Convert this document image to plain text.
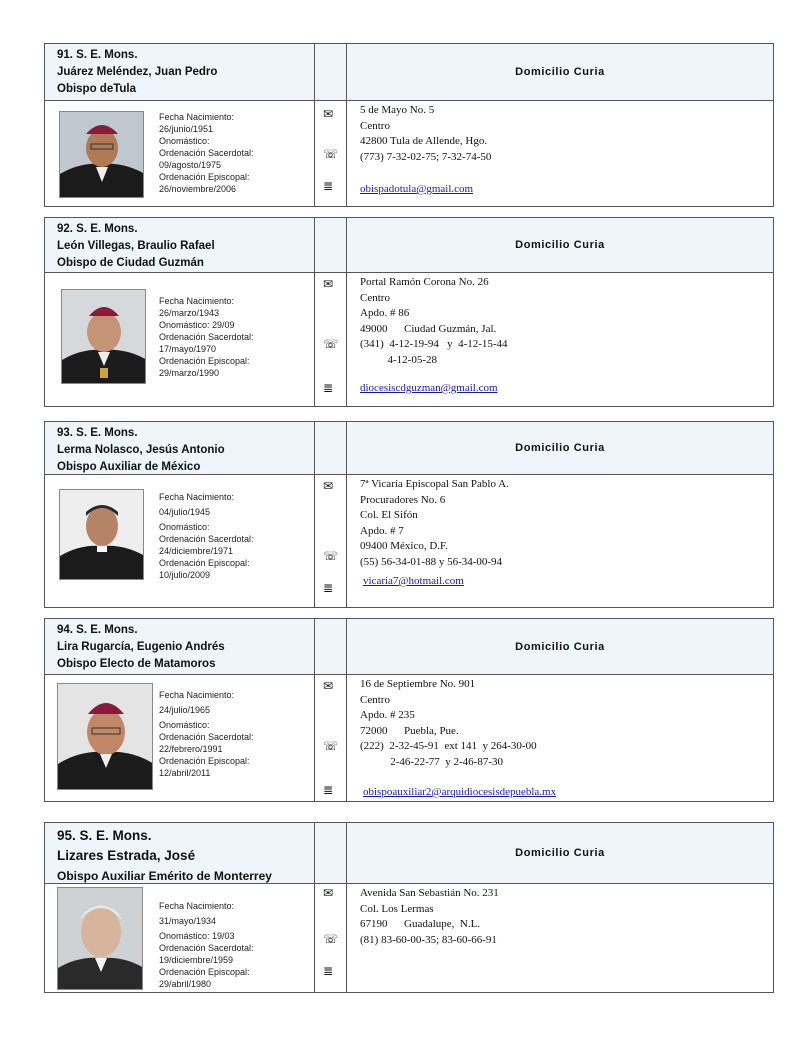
91. S. E. Mons.
Juárez Meléndez, Juan Pedro
Obispo deTula
Domicilio Curia
Fecha Nacimiento:
26/junio/1951
Onomástico:
Ordenación Sacerdotal:
09/agosto/1975
Ordenación Episcopal:
26/noviembre/2006
✉
☏
≣
5 de Mayo No. 5
Centro
42800 Tula de Allende, Hgo.
(773) 7-32-02-75; 7-32-74-50
obispadotula@gmail.com
92. S. E. Mons.
León Villegas, Braulio Rafael
Obispo de Ciudad Guzmán
Domicilio Curia
Fecha Nacimiento:
26/marzo/1943
Onomástico: 29/09
Ordenación Sacerdotal:
17/mayo/1970
Ordenación Episcopal:
29/marzo/1990
✉
☏
≣
Portal Ramón Corona No. 26
Centro
Apdo. # 86
49000      Ciudad Guzmán, Jal.
(341)  4-12-19-94   y  4-12-15-44
4-12-05-28
diocesiscdguzman@gmail.com
93. S. E. Mons.
Lerma Nolasco, Jesús Antonio
Obispo Auxiliar de México
Domicilio Curia
Fecha Nacimiento:
04/julio/1945
Onomástico:
Ordenación Sacerdotal:
24/diciembre/1971
Ordenación Episcopal:
10/julio/2009
✉
☏
≣
7ª Vicaría Episcopal San Pablo A.
Procuradores No. 6
Col. El Sifón
Apdo. # 7
09400 México, D.F.
(55) 56-34-01-88 y 56-34-00-94
vicaria7@hotmail.com
94. S. E. Mons.
Lira Rugarcía, Eugenio Andrés
Obispo Electo de Matamoros
Domicilio Curia
Fecha Nacimiento:
24/julio/1965
Onomástico:
Ordenación Sacerdotal:
22/febrero/1991
Ordenación Episcopal:
12/abril/2011
✉
☏
≣
16 de Septiembre No. 901
Centro
Apdo. # 235
72000      Puebla, Pue.
(222)  2-32-45-91  ext 141  y 264-30-00
2-46-22-77  y 2-46-87-30
obispoauxiliar2@arquidiocesisdepuebla.mx
95. S. E. Mons.
Lizares Estrada, José
Obispo Auxiliar Emérito de Monterrey
Domicilio Curia
Fecha Nacimiento:
31/mayo/1934
Onomástico: 19/03
Ordenación Sacerdotal:
19/diciembre/1959
Ordenación Episcopal:
29/abril/1980
✉
☏
≣
Avenida San Sebastián No. 231
Col. Los Lermas
67190      Guadalupe,  N.L.
(81) 83-60-00-35; 83-60-66-91
